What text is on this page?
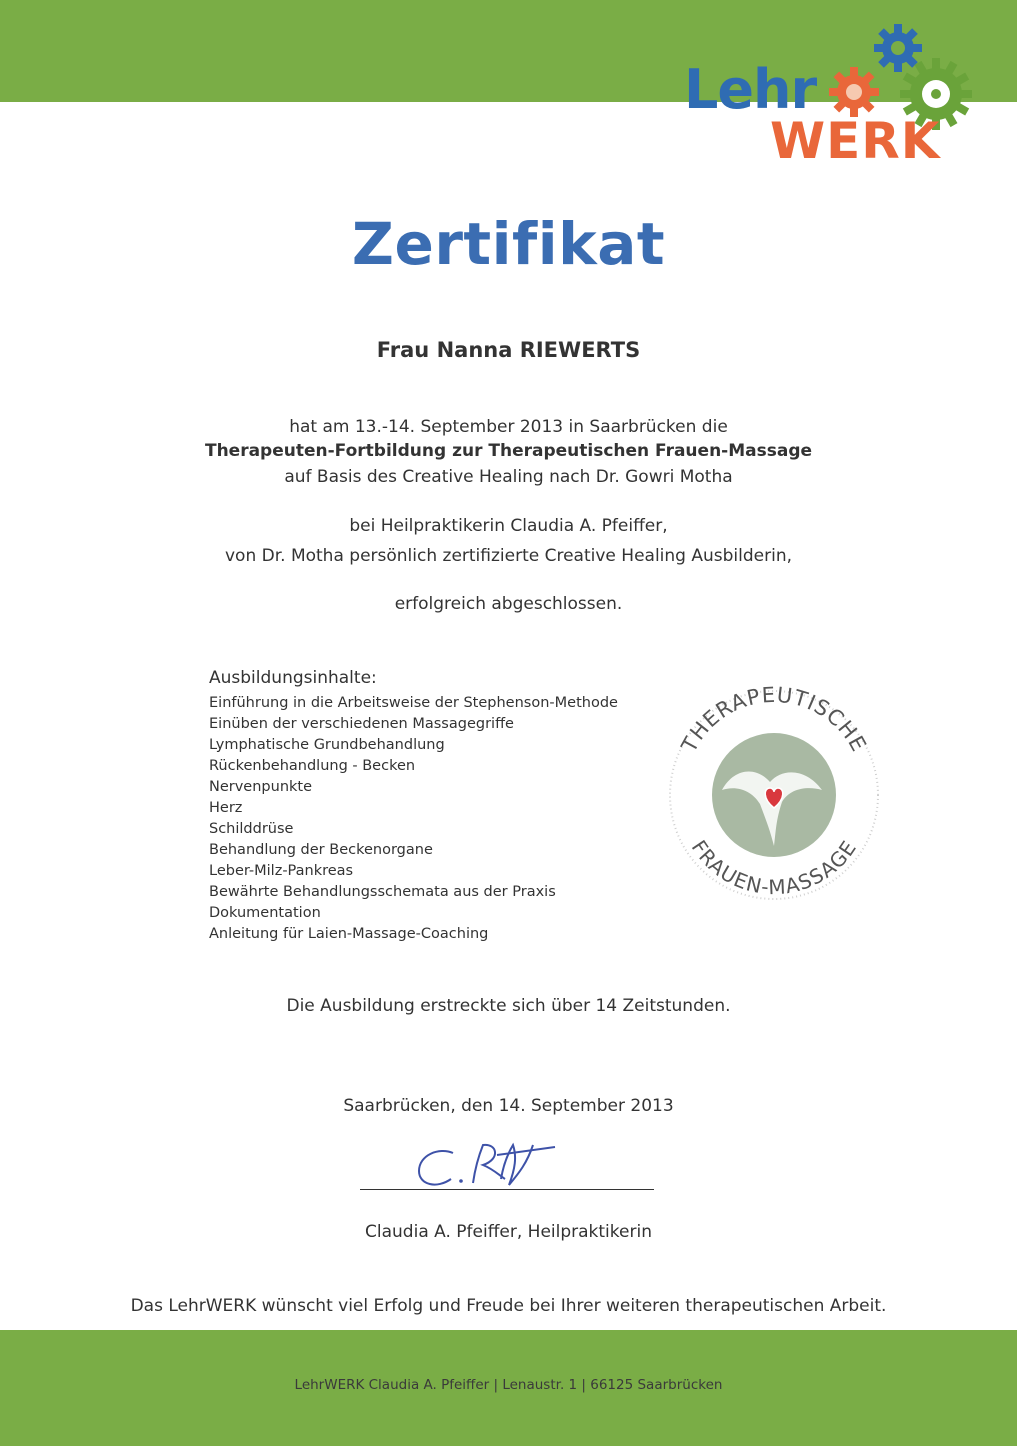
Lehr
WERK
Zertifikat
Frau Nanna RIEWERTS
hat am 13.-14. September 2013 in Saarbrücken die
Therapeuten-Fortbildung zur Therapeutischen Frauen-Massage
auf Basis des Creative Healing nach Dr. Gowri Motha
bei Heilpraktikerin Claudia A. Pfeiffer,
von Dr. Motha persönlich zertifizierte Creative Healing Ausbilderin,
erfolgreich abgeschlossen.
Ausbildungsinhalte:
Einführung in die Arbeitsweise der Stephenson-Methode
Einüben der verschiedenen Massagegriffe
Lymphatische Grundbehandlung
Rückenbehandlung - Becken
Nervenpunkte
Herz
Schilddrüse
Behandlung der Beckenorgane
Leber-Milz-Pankreas
Bewährte Behandlungsschemata aus der Praxis
Dokumentation
Anleitung für Laien-Massage-Coaching
THERAPEUTISCHE
FRAUEN-MASSAGE
Die Ausbildung erstreckte sich über 14 Zeitstunden.
Saarbrücken, den 14. September 2013
Claudia A. Pfeiffer, Heilpraktikerin
Das LehrWERK wünscht viel Erfolg und Freude bei Ihrer weiteren therapeutischen Arbeit.
LehrWERK Claudia A. Pfeiffer | Lenaustr. 1 | 66125 Saarbrücken
